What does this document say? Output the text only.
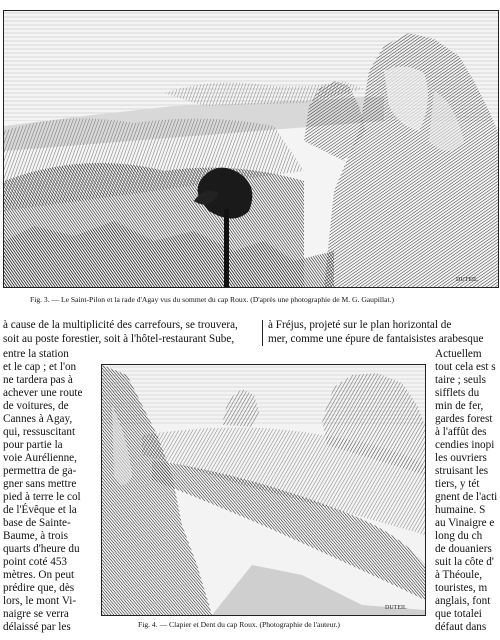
DUTEIL
Fig. 3. — Le Saint-Pilon et la rade d'Agay vus du sommet du cap Roux. (D'après une photographie de M. G. Gaupillat.)
à cause de la multiplicité des carrefours, se trouvera,
soit au poste forestier, soit à l'hôtel-restaurant Sube,
à Fréjus, projeté sur le plan horizontal de
mer, comme une épure de fantaisistes arabesque
entre la station
et le cap ; et l'on
ne tardera pas à
achever une route
de voitures, de
Cannes à Agay,
qui, ressuscitant
pour partie la
voie Aurélienne,
permettra de ga-
gner sans mettre
pied à terre le col
de l'Évêque et la
base de Sainte-
Baume, à trois
quarts d'heure du
point coté 453
mètres. On peut
prédire que, dès
lors, le mont Vi-
naigre se verra
délaissé par les
DUTEIL
Fig. 4. — Clapier et Dent du cap Roux. (Photographie de l'auteur.)
Actuellem
tout cela est s
taire ; seuls
sifflets du
min de fer,
gardes forest
à l'affût des
cendies inopi
les ouvriers
struisant les
tiers, y tét
gnent de l'acti
humaine. S
au Vinaigre e
long du ch
de douaniers
suit la côte d'
à Théoule,
touristes, m
anglais, font
que totalei
défaut dans
